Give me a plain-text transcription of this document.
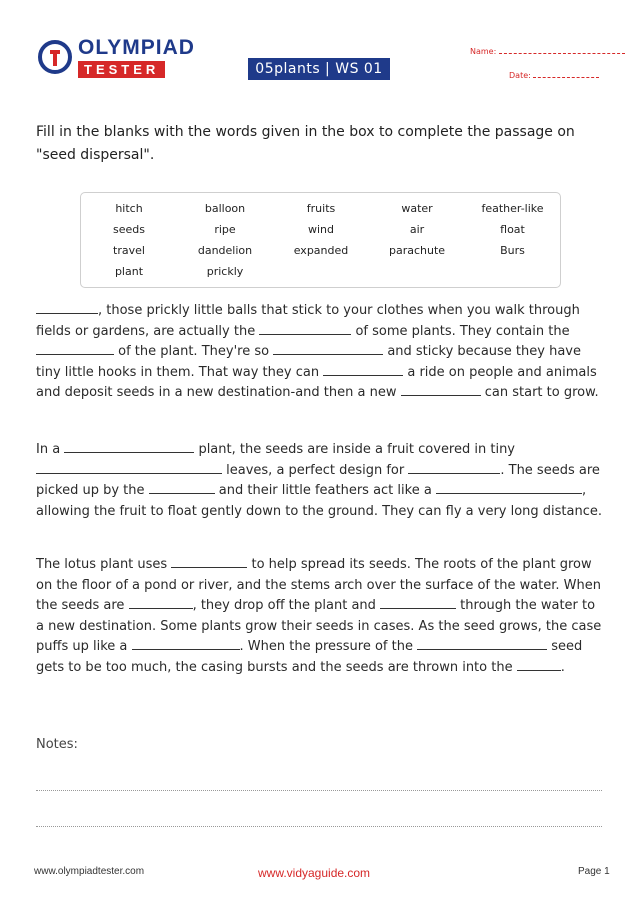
OLYMPIAD
TESTER	05plants | WS 01
Name:
Date:
Fill in the blanks with the words given in the box to complete the passage on "seed dispersal".
hitch	balloon	fruits	water	feather-like
seeds	ripe	wind	air	float
travel	dandelion	expanded	parachute	Burs
plant	prickly
, those prickly little balls that stick to your clothes when you walk through fields or gardens, are actually the	of some plants. They contain the  of the plant. They're so	and sticky because they have tiny little hooks in them. That way they can	a ride on people and animals and deposit seeds in a new destination-and then a new	can start to grow.
In a	plant, the seeds are inside a fruit covered in tiny  leaves, a perfect design for	. The seeds are picked up by the	and their little feathers act like a	, allowing the fruit to float gently down to the ground. They can fly a very long distance.
The lotus plant uses	to help spread its seeds. The roots of the plant grow on the floor of a pond or river, and the stems arch over the surface of the water. When the seeds are	, they drop off the plant and	through the water to a new destination. Some plants grow their seeds in cases. As the seed grows, the case puffs up like a	. When the pressure of the	seed gets to be too much, the casing bursts and the seeds are thrown into the	.
Notes:
www.olympiadtester.com	www.vidyaguide.com	Page 1
